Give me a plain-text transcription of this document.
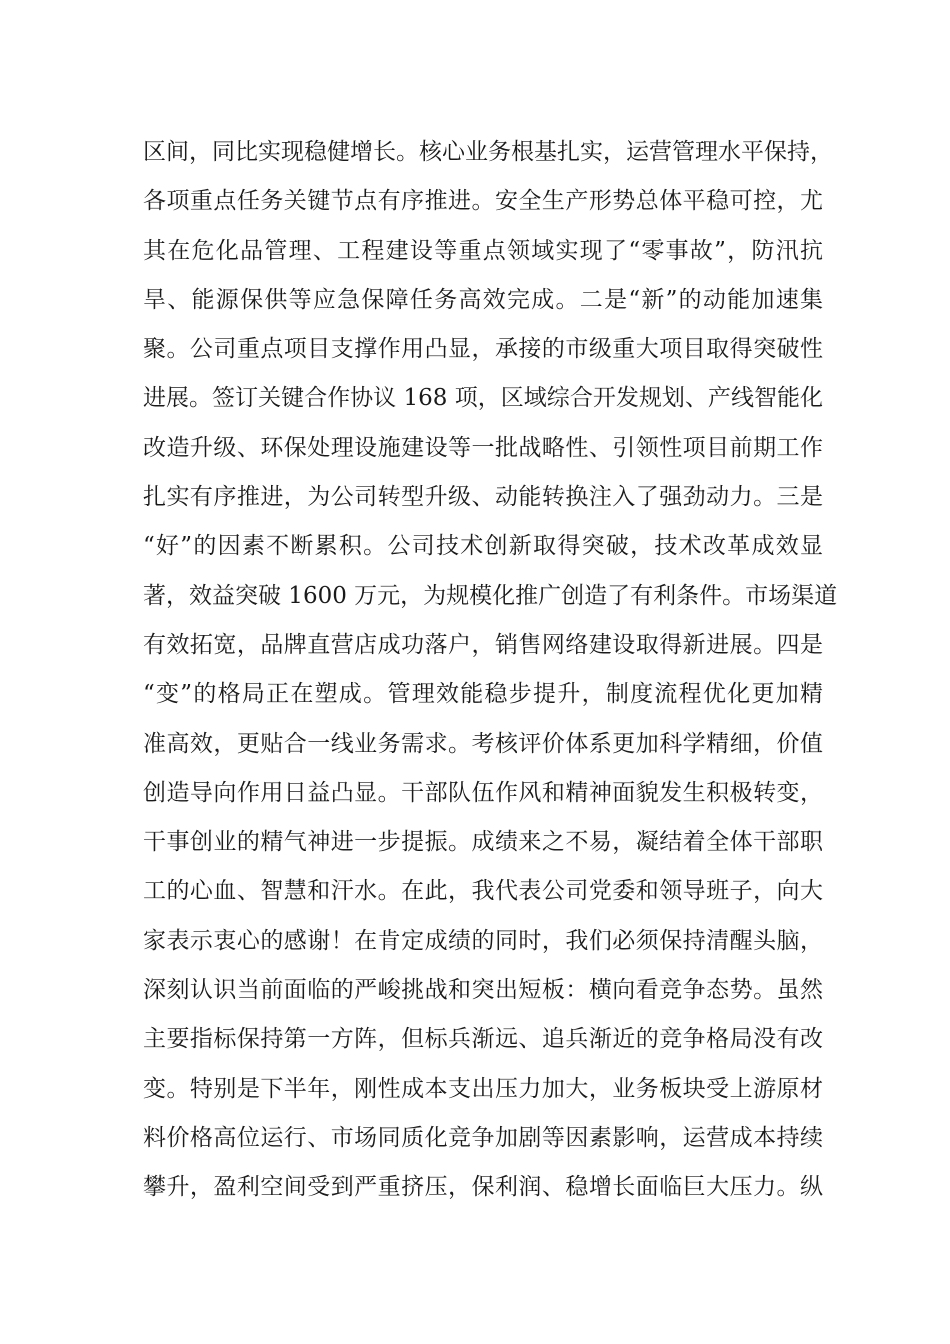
区间，同比实现稳健增长。核心业务根基扎实，运营管理水平保持，
各项重点任务关键节点有序推进。安全生产形势总体平稳可控，尤
其在危化品管理、工程建设等重点领域实现了“零事故”，防汛抗
旱、能源保供等应急保障任务高效完成。二是“新”的动能加速集
聚。公司重点项目支撑作用凸显，承接的市级重大项目取得突破性
进展。签订关键合作协议 168 项，区域综合开发规划、产线智能化
改造升级、环保处理设施建设等一批战略性、引领性项目前期工作
扎实有序推进，为公司转型升级、动能转换注入了强劲动力。三是
“好”的因素不断累积。公司技术创新取得突破，技术改革成效显
著，效益突破 1600 万元，为规模化推广创造了有利条件。市场渠道
有效拓宽，品牌直营店成功落户，销售网络建设取得新进展。四是
“变”的格局正在塑成。管理效能稳步提升，制度流程优化更加精
准高效，更贴合一线业务需求。考核评价体系更加科学精细，价值
创造导向作用日益凸显。干部队伍作风和精神面貌发生积极转变，
干事创业的精气神进一步提振。成绩来之不易，凝结着全体干部职
工的心血、智慧和汗水。在此，我代表公司党委和领导班子，向大
家表示衷心的感谢！在肯定成绩的同时，我们必须保持清醒头脑，
深刻认识当前面临的严峻挑战和突出短板：横向看竞争态势。虽然
主要指标保持第一方阵，但标兵渐远、追兵渐近的竞争格局没有改
变。特别是下半年，刚性成本支出压力加大，业务板块受上游原材
料价格高位运行、市场同质化竞争加剧等因素影响，运营成本持续
攀升，盈利空间受到严重挤压，保利润、稳增长面临巨大压力。纵
